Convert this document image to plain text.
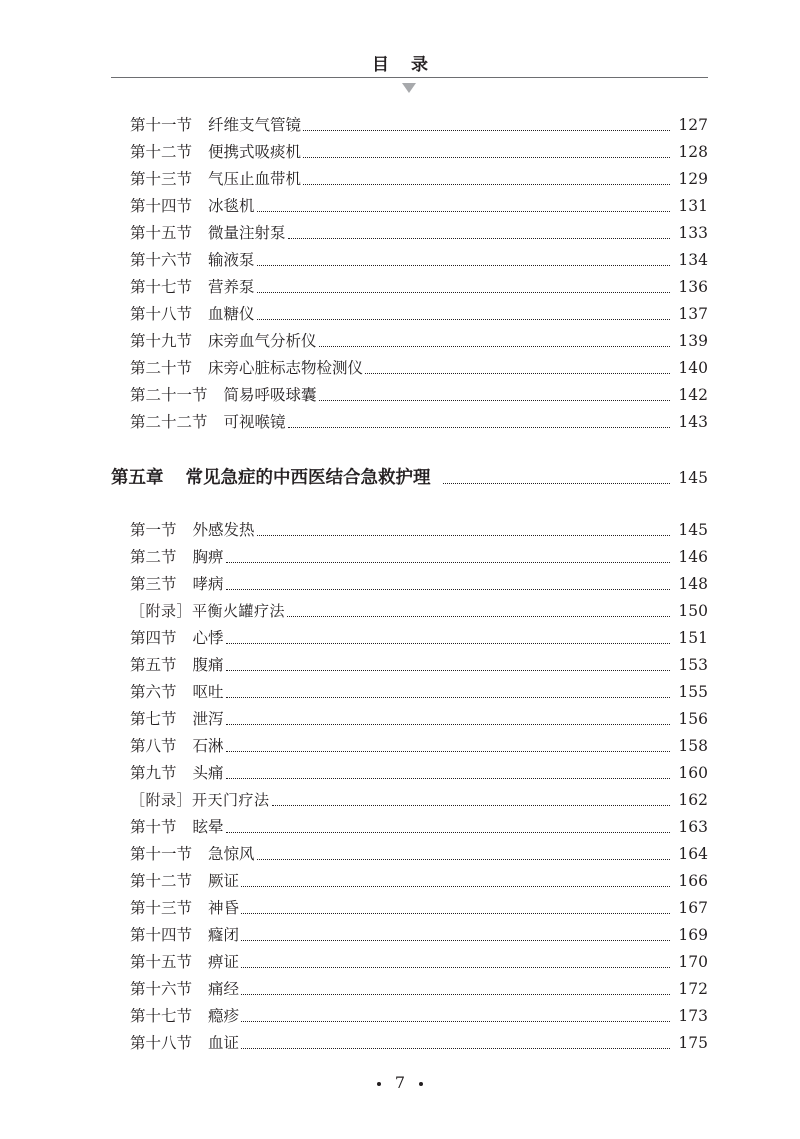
目录
第十一节 纤维支气管镜	127
第十二节 便携式吸痰机	128
第十三节 气压止血带机	129
第十四节 冰毯机	131
第十五节 微量注射泵	133
第十六节 输液泵	134
第十七节 营养泵	136
第十八节 血糖仪	137
第十九节 床旁血气分析仪	139
第二十节 床旁心脏标志物检测仪	140
第二十一节 简易呼吸球囊	142
第二十二节 可视喉镜	143
第五章 常见急症的中西医结合急救护理	145
第一节 外感发热	145
第二节 胸痹	146
第三节 哮病	148
［附录］平衡火罐疗法	150
第四节 心悸	151
第五节 腹痛	153
第六节 呕吐	155
第七节 泄泻	156
第八节 石淋	158
第九节 头痛	160
［附录］开天门疗法	162
第十节 眩晕	163
第十一节 急惊风	164
第十二节 厥证	166
第十三节 神昏	167
第十四节 癃闭	169
第十五节 痹证	170
第十六节 痛经	172
第十七节 瘾疹	173
第十八节 血证	175
7
